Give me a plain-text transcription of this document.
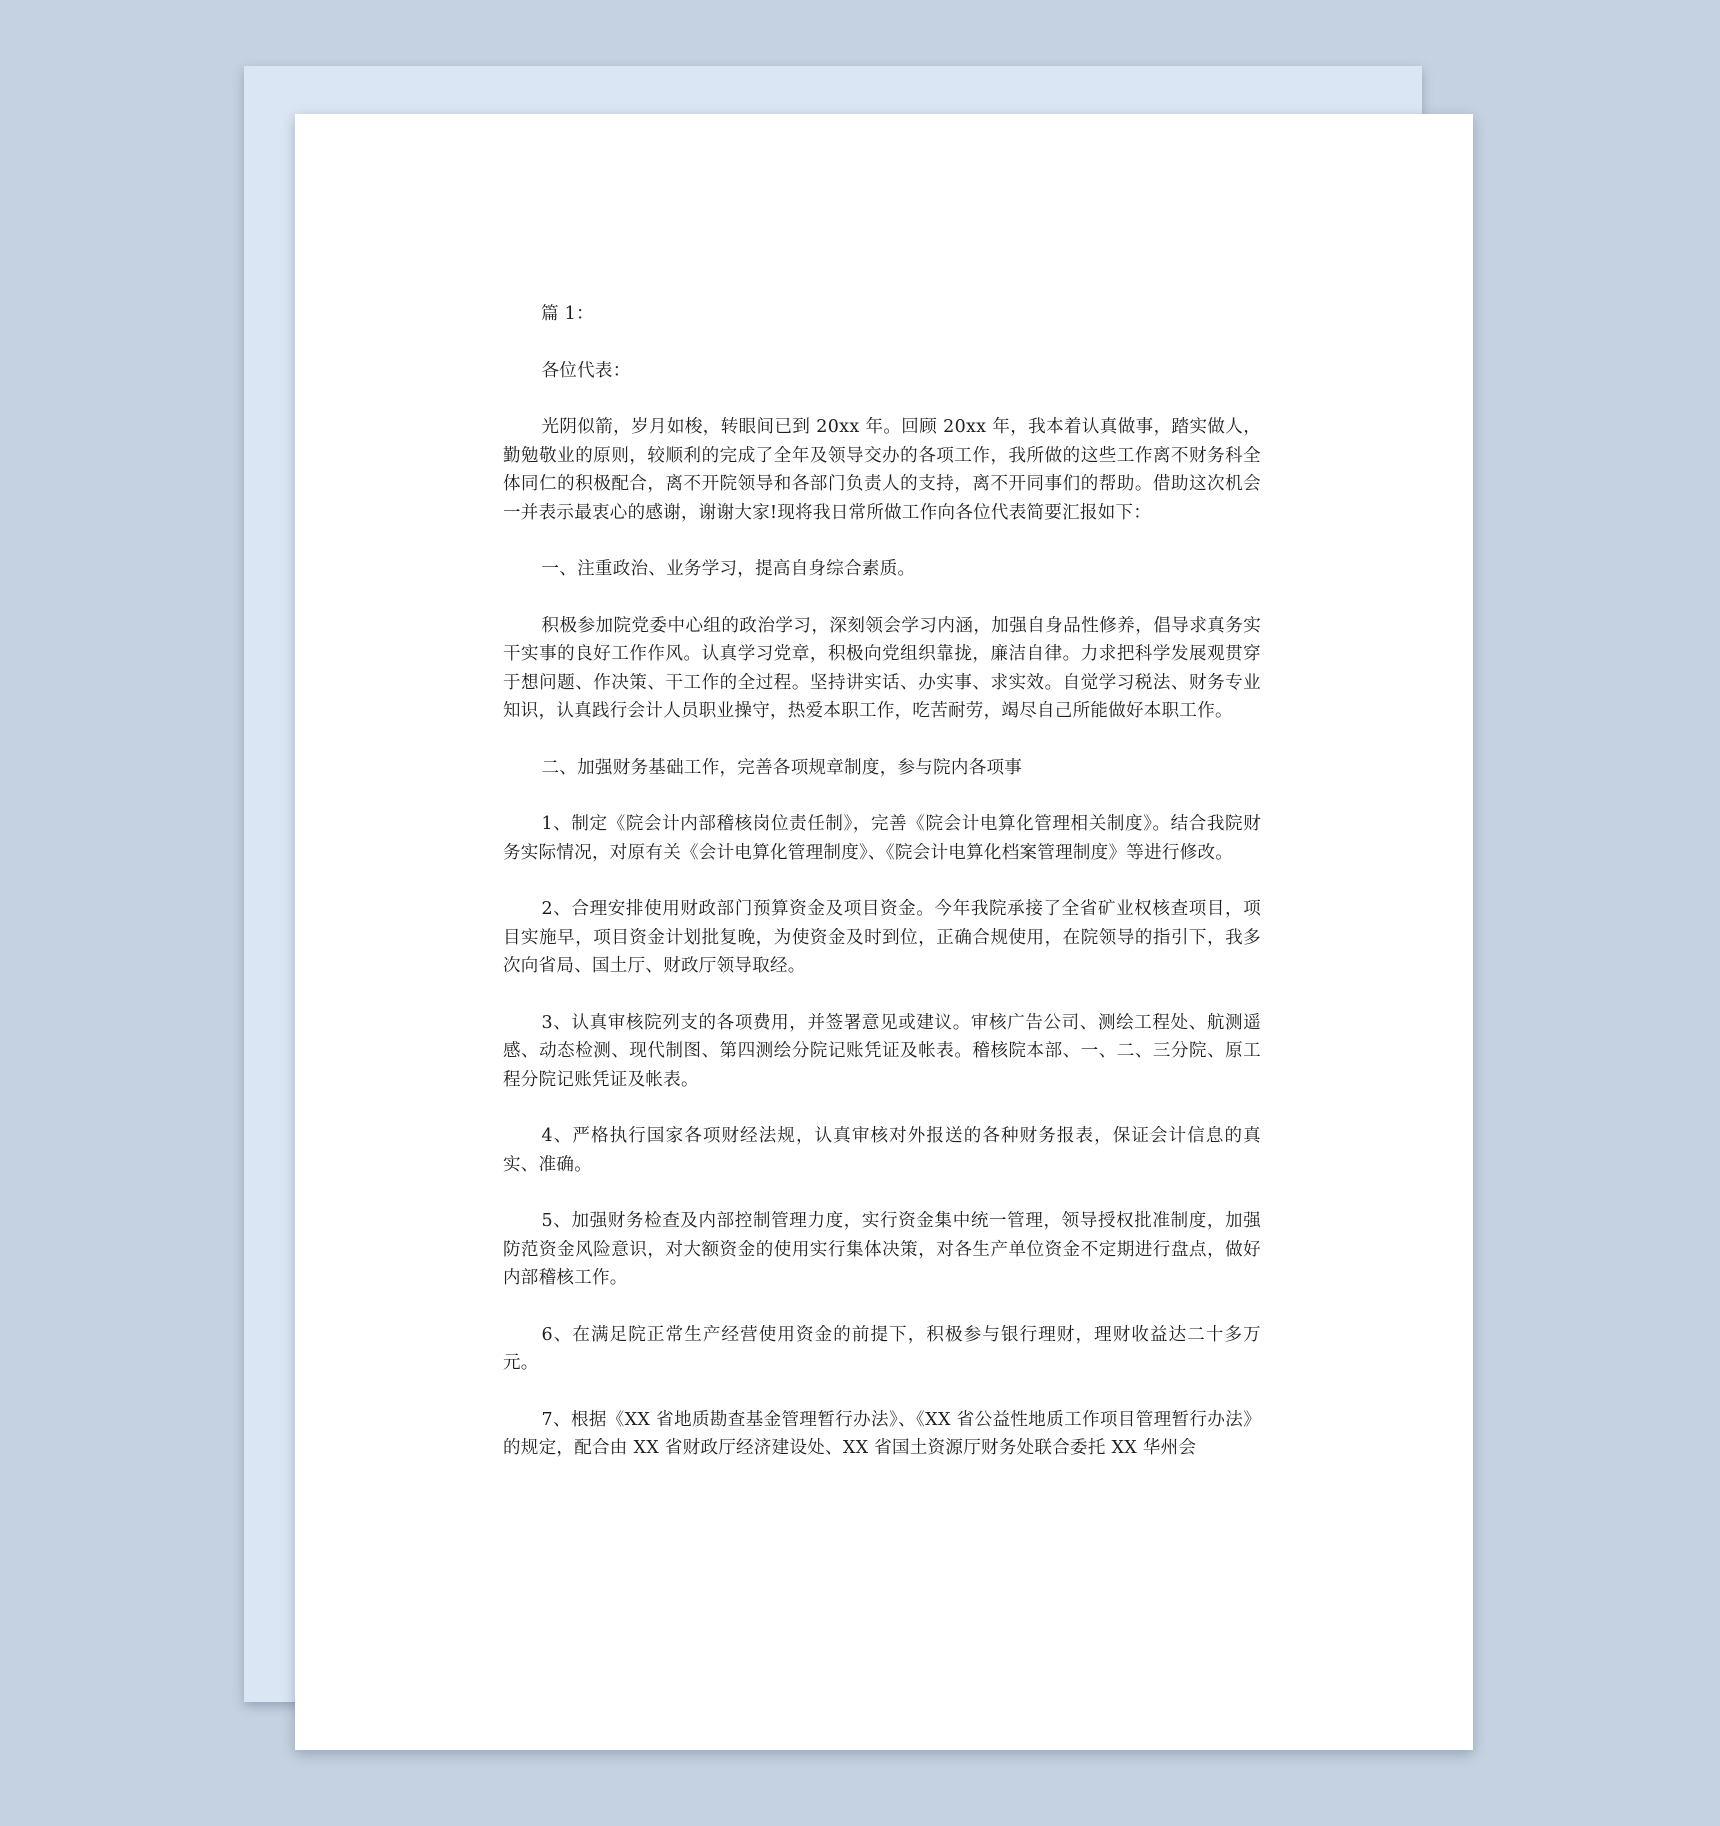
篇 1：

各位代表：

光阴似箭，岁月如梭，转眼间已到 20xx 年。回顾 20xx 年，我本着认真做事，踏实做人，勤勉敬业的原则，较顺利的完成了全年及领导交办的各项工作，我所做的这些工作离不财务科全体同仁的积极配合，离不开院领导和各部门负责人的支持，离不开同事们的帮助。借助这次机会一并表示最衷心的感谢，谢谢大家!现将我日常所做工作向各位代表简要汇报如下：

一、注重政治、业务学习，提高自身综合素质。

积极参加院党委中心组的政治学习，深刻领会学习内涵，加强自身品性修养，倡导求真务实干实事的良好工作作风。认真学习党章，积极向党组织靠拢，廉洁自律。力求把科学发展观贯穿于想问题、作决策、干工作的全过程。坚持讲实话、办实事、求实效。自觉学习税法、财务专业知识，认真践行会计人员职业操守，热爱本职工作，吃苦耐劳，竭尽自己所能做好本职工作。

二、加强财务基础工作，完善各项规章制度，参与院内各项事

1、制定《院会计内部稽核岗位责任制》，完善《院会计电算化管理相关制度》。结合我院财务实际情况，对原有关《会计电算化管理制度》、《院会计电算化档案管理制度》等进行修改。

2、合理安排使用财政部门预算资金及项目资金。今年我院承接了全省矿业权核查项目，项目实施早，项目资金计划批复晚，为使资金及时到位，正确合规使用，在院领导的指引下，我多次向省局、国土厅、财政厅领导取经。

3、认真审核院列支的各项费用，并签署意见或建议。审核广告公司、测绘工程处、航测遥感、动态检测、现代制图、第四测绘分院记账凭证及帐表。稽核院本部、一、二、三分院、原工程分院记账凭证及帐表。

4、严格执行国家各项财经法规，认真审核对外报送的各种财务报表，保证会计信息的真实、准确。

5、加强财务检查及内部控制管理力度，实行资金集中统一管理，领导授权批准制度，加强防范资金风险意识，对大额资金的使用实行集体决策，对各生产单位资金不定期进行盘点，做好内部稽核工作。

6、在满足院正常生产经营使用资金的前提下，积极参与银行理财，理财收益达二十多万元。

7、根据《XX 省地质勘查基金管理暂行办法》、《XX 省公益性地质工作项目管理暂行办法》的规定，配合由 XX 省财政厅经济建设处、XX 省国土资源厅财务处联合委托 XX 华州会
